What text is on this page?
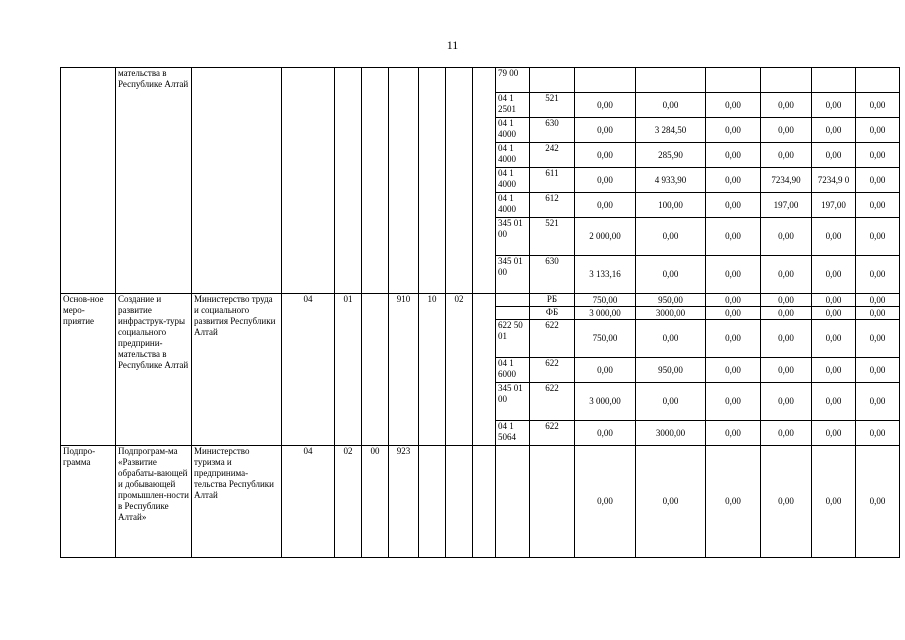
11
	мательства в Республике Алтай									79 00							
										04 1 2501	521	0,00	0,00	0,00	0,00	0,00	0,00
										04 1 4000	630	0,00	3 284,50	0,00	0,00	0,00	0,00
										04 1 4000	242	0,00	285,90	0,00	0,00	0,00	0,00
										04 1 4000	611	0,00	4 933,90	0,00	7234,90	7234,9 0	0,00
										04 1 4000	612	0,00	100,00	0,00	197,00	197,00	0,00
										345 01 00	521	2 000,00	0,00	0,00	0,00	0,00	0,00
										345 01 00	630	3 133,16	0,00	0,00	0,00	0,00	0,00
Основ-ное меро-приятие	Создание и развитие инфраструк-туры социального предприни-мательства в Республике Алтай	Министерство труда и социального развития Республики Алтай	04	01		910	10	02			РБ	750,00	950,00	0,00	0,00	0,00	0,00
											ФБ	3 000,00	3000,00	0,00	0,00	0,00	0,00
										622 50 01	622	750,00	0,00	0,00	0,00	0,00	0,00
										04 1 6000	622	0,00	950,00	0,00	0,00	0,00	0,00
										345 01 00	622	3 000,00	0,00	0,00	0,00	0,00	0,00
										04 1 5064	622	0,00	3000,00	0,00	0,00	0,00	0,00
Подпро-грамма	Подпрограм-ма «Развитие обрабаты-вающей и добывающей промышлен-ности в Республике Алтай»	Министерство туризма и предпринима-тельства Республики Алтай	04	02	00	923						0,00	0,00	0,00	0,00	0,00	0,00
